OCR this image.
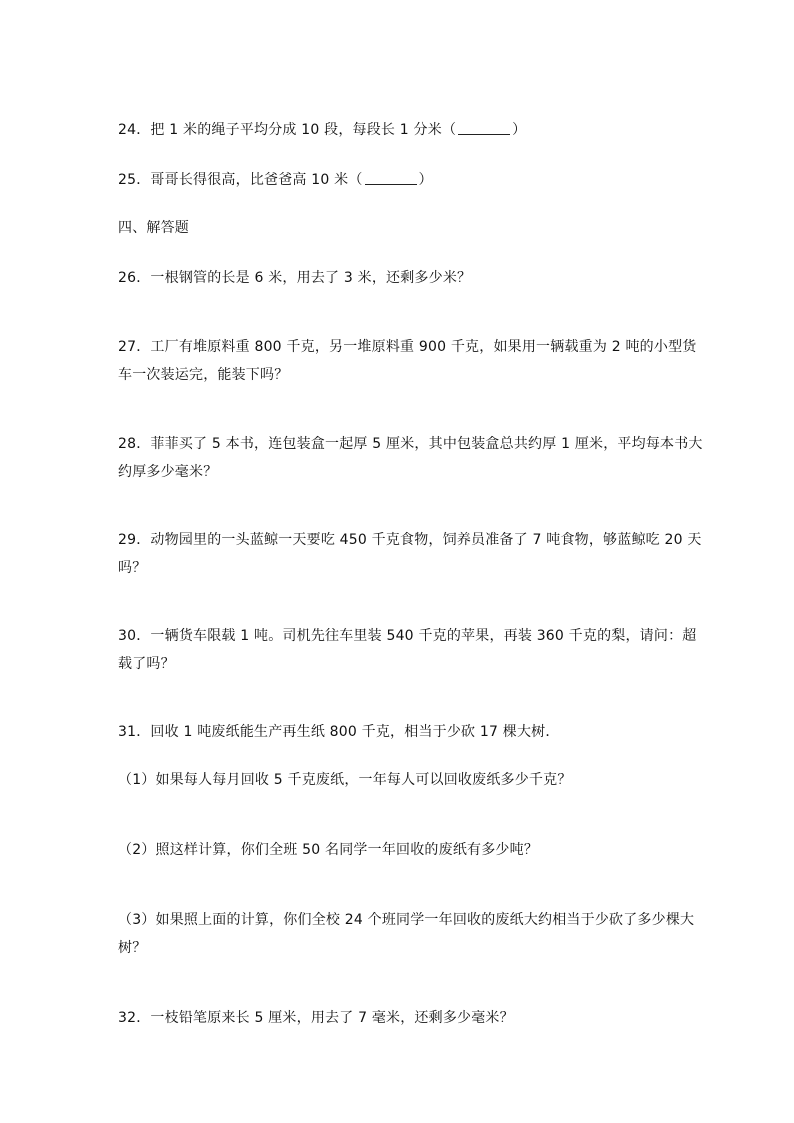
24．把 1 米的绳子平均分成 10 段，每段长 1 分米（	）
25．哥哥长得很高，比爸爸高 10 米（	）
四、解答题
26．一根钢管的长是 6 米，用去了 3 米，还剩多少米？
27．工厂有堆原料重 800 千克，另一堆原料重 900 千克，如果用一辆载重为 2 吨的小型货
车一次装运完，能装下吗？
28．菲菲买了 5 本书，连包装盒一起厚 5 厘米，其中包装盒总共约厚 1 厘米，平均每本书大
约厚多少毫米？
29．动物园里的一头蓝鲸一天要吃 450 千克食物，饲养员准备了 7 吨食物，够蓝鲸吃 20 天
吗？
30．一辆货车限载 1 吨。司机先往车里装 540 千克的苹果，再装 360 千克的梨，请问：超
载了吗？
31．回收 1 吨废纸能生产再生纸 800 千克，相当于少砍 17 棵大树．
（1）如果每人每月回收 5 千克废纸，一年每人可以回收废纸多少千克？
（2）照这样计算，你们全班 50 名同学一年回收的废纸有多少吨？
（3）如果照上面的计算，你们全校 24 个班同学一年回收的废纸大约相当于少砍了多少棵大
树？
32．一枝铅笔原来长 5 厘米，用去了 7 毫米，还剩多少毫米？
